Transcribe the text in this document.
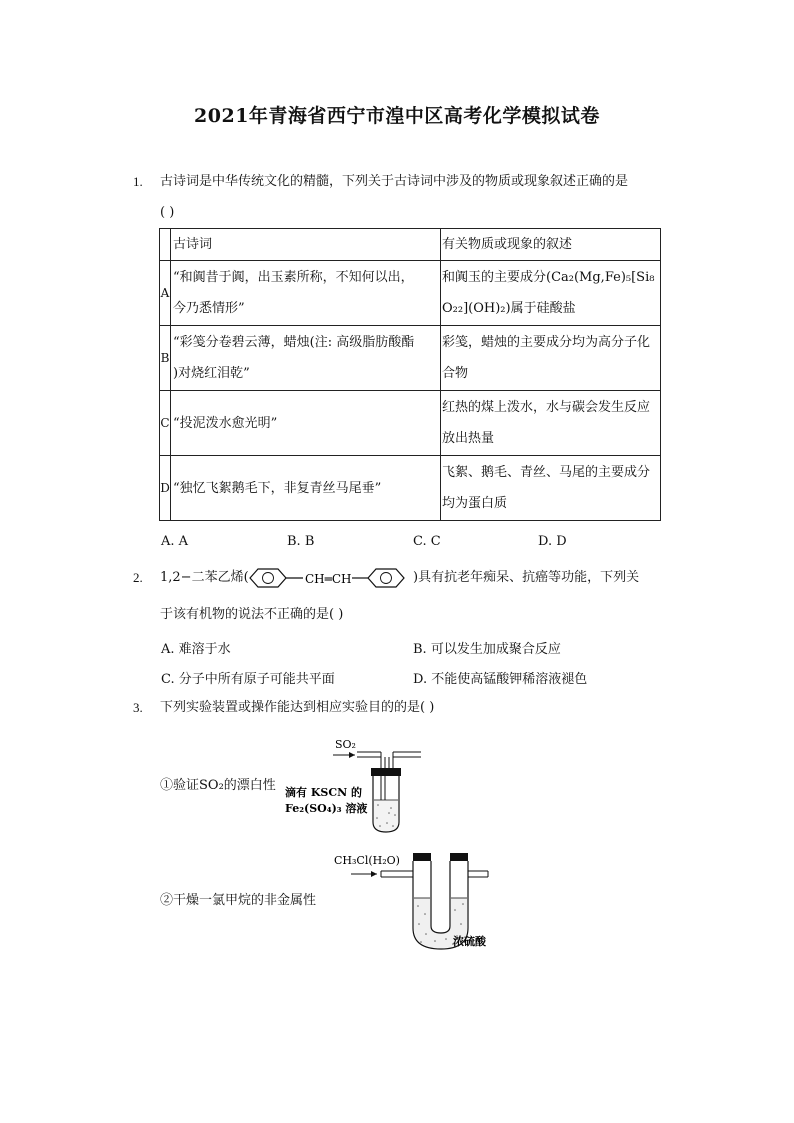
2021年青海省西宁市湟中区高考化学模拟试卷
1. 古诗词是中华传统文化的精髓，下列关于古诗词中涉及的物质或现象叙述正确的是
( )
	古诗词	有关物质或现象的叙述
A	“和阗昔于阗，出玉素所称，不知何以出，
今乃悉情形”	和阗玉的主要成分(Ca₂(Mg,Fe)₅[Si₈
O₂₂](OH)₂)属于硅酸盐

B	“彩笺分卷碧云薄，蜡烛(注: 高级脂肪酸酯
)对烧红泪乾”	彩笺，蜡烛的主要成分均为高分子化
合物

C	“投泥泼水愈光明”	红热的煤上泼水，水与碳会发生反应
放出热量

D	“独忆飞絮鹅毛下，非复青丝马尾垂”	飞絮、鹅毛、青丝、马尾的主要成分
均为蛋白质
A. A	B. B	C. C	D. D
2. 1,2−二苯乙烯(	CH═CH	)具有抗老年痴呆、抗癌等功能，下列关
于该有机物的说法不正确的是( )
A. 难溶于水	B. 可以发生加成聚合反应
C. 分子中所有原子可能共平面	D. 不能使高锰酸钾稀溶液褪色
3. 下列实验装置或操作能达到相应实验目的的是( )
①验证SO₂的漂白性
SO₂
滴有 KSCN 的
Fe₂(SO₄)₃ 溶液
②干燥一氯甲烷的非金属性
CH₃Cl(H₂O)
浓硫酸
